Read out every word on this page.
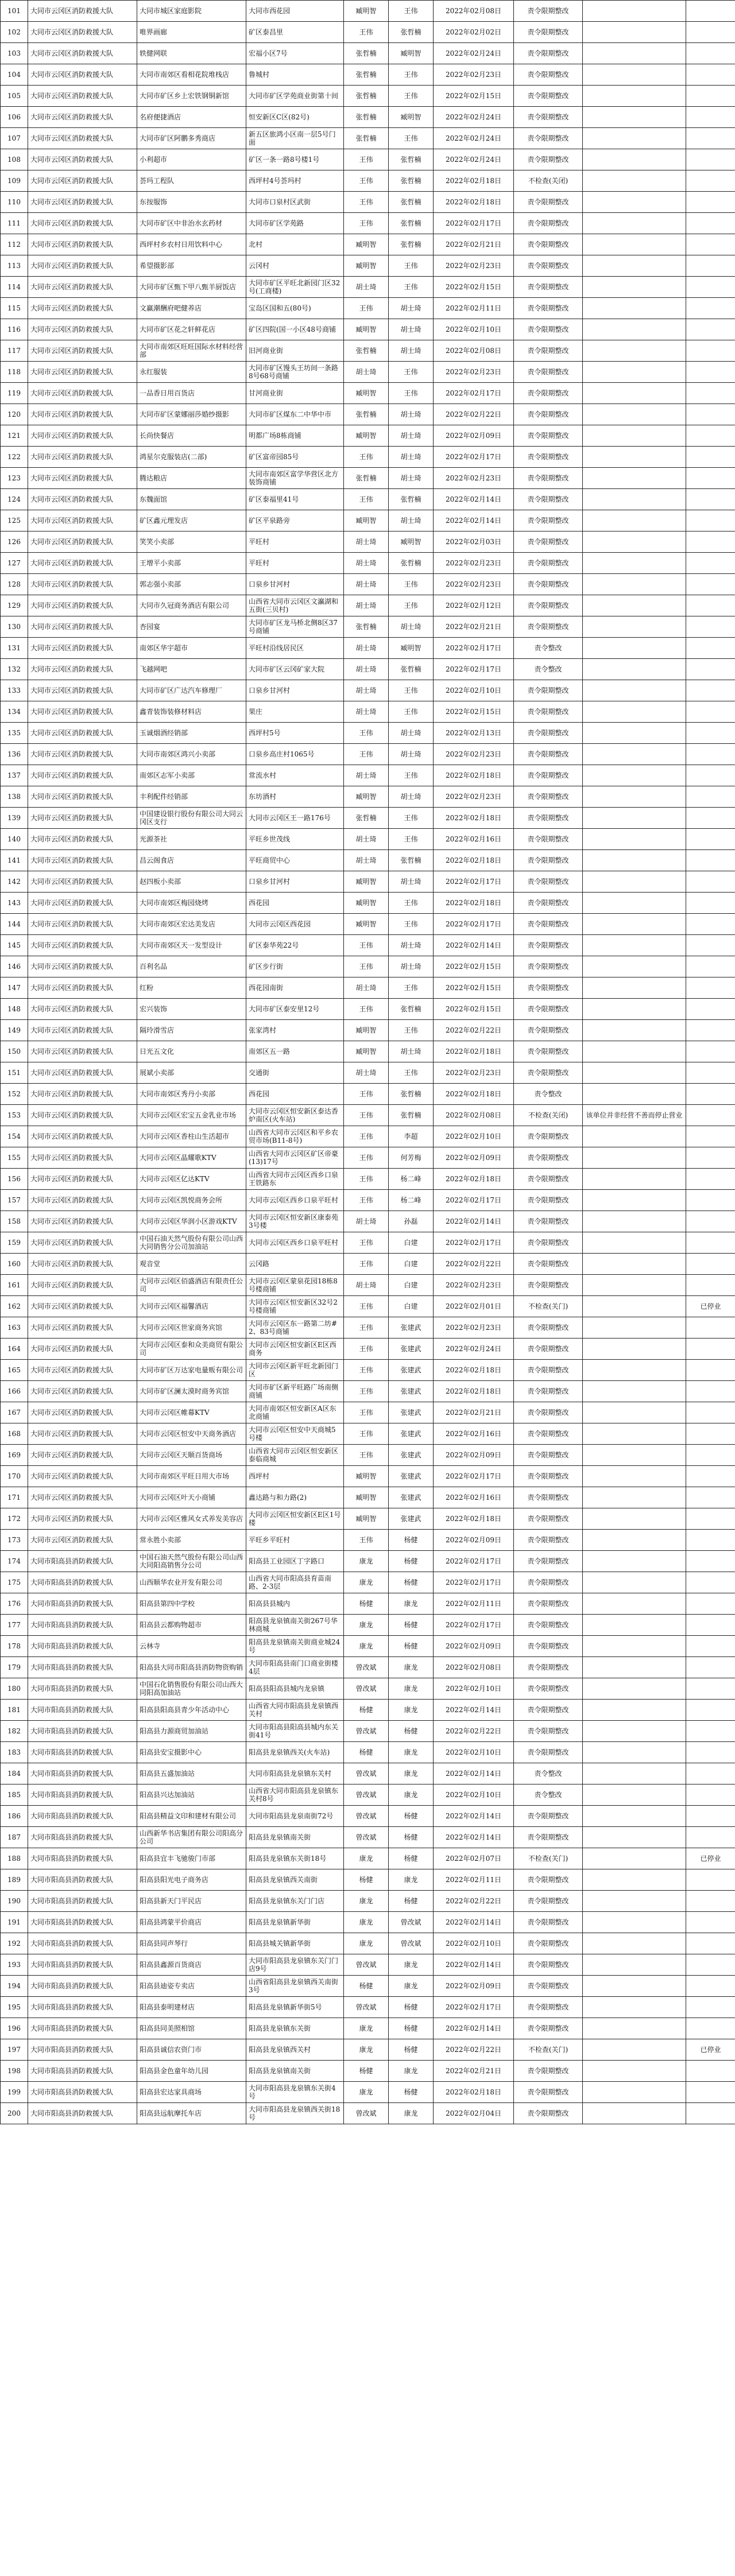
101	大同市云冈区消防救援大队	大同市城区家庭影院	大同市西花园	臧明智	王伟	2022年02月08日	责令限期整改		
102	大同市云冈区消防救援大队	唯界画廊	矿区泰昌里	王伟	张哲楠	2022年02月02日	责令限期整改		
103	大同市云冈区消防救援大队	轶健网联	宏福小区7号	张哲楠	臧明智	2022年02月24日	责令限期整改		
104	大同市云冈区消防救援大队	大同市南郊区看相花院堆栈店	鲁城村	张哲楠	王伟	2022年02月23日	责令限期整改		
105	大同市云冈区消防救援大队	大同市矿区乡上宏铁钢铜新馆	大同市矿区学苑商业街第十间	张哲楠	王伟	2022年02月15日	责令限期整改		
106	大同市云冈区消防救援大队	名府便捷酒店	恒安新区C区(82号)	张哲楠	臧明智	2022年02月24日	责令限期整改		
107	大同市云冈区消防救援大队	大同市矿区阿鹏多秀商店	新五区旅鸿小区南一层5号门面	张哲楠	王伟	2022年02月24日	责令限期整改		
108	大同市云冈区消防救援大队	小利超市	矿区一条一路8号楼1号	王伟	张哲楠	2022年02月24日	责令限期整改		
109	大同市云冈区消防救援大队	荟玛工程队	西坪村4号荟玛村	王伟	张哲楠	2022年02月18日	不检查(关闭)		
110	大同市云冈区消防救援大队	东按服饰	大同市口泉村区武街	王伟	张哲楠	2022年02月18日	责令限期整改		
111	大同市云冈区消防救援大队	大同市矿区中非治水玄药材	大同市矿区学苑路	王伟	张哲楠	2022年02月17日	责令限期整改		
112	大同市云冈区消防救援大队	西坪村乡农村日用饮料中心	北村	臧明智	张哲楠	2022年02月21日	责令限期整改		
113	大同市云冈区消防救援大队	希望摄影部	云冈村	臧明智	王伟	2022年02月23日	责令限期整改		
114	大同市云冈区消防救援大队	大同市矿区甄下甲八甄羊厨饭店	大同市矿区平旺北新园门区32号(工商楼)	胡士琦	王伟	2022年02月15日	责令限期整改		
115	大同市云冈区消防救援大队	文赢潮酬府吧健养店	宝岛区国和五(80号)	王伟	胡士琦	2022年02月11日	责令限期整改		
116	大同市云冈区消防救援大队	大同市矿区花之轩鲜花店	矿区四院(国一小区48号商铺	臧明智	胡士琦	2022年02月10日	责令限期整改		
117	大同市云冈区消防救援大队	大同市南郊区旺旺国际水材料经营部	旧河商业街	张哲楠	胡士琦	2022年02月08日	责令限期整改		
118	大同市云冈区消防救援大队	永红服装	大同市矿区馒头王坊间一条路8号68号商铺	胡士琦	王伟	2022年02月23日	责令限期整改		
119	大同市云冈区消防救援大队	一品香日用百货店	甘河商业街	臧明智	王伟	2022年02月17日	责令限期整改		
120	大同市云冈区消防救援大队	大同市矿区蒙娜丽莎婚纱摄影	大同市矿区煤东二中华中市	张哲楠	胡士琦	2022年02月22日	责令限期整改		
121	大同市云冈区消防救援大队	长尚快餐店	明都广场8栋商铺	臧明智	胡士琦	2022年02月09日	责令限期整改		
122	大同市云冈区消防救援大队	鸿星尔克服装店(二部)	矿区富帝园85号	王伟	胡士琦	2022年02月17日	责令限期整改		
123	大同市云冈区消防救援大队	腾达粮店	大同市南郊区富学华营区北方装饰商铺	张哲楠	胡士琦	2022年02月23日	责令限期整改		
124	大同市云冈区消防救援大队	东魏面馆	矿区泰福里41号	王伟	张哲楠	2022年02月14日	责令限期整改		
125	大同市云冈区消防救援大队	矿区鑫元理发店	矿区平泉路旁	臧明智	胡士琦	2022年02月14日	责令限期整改		
126	大同市云冈区消防救援大队	笑笑小卖部	平旺村	胡士琦	臧明智	2022年02月03日	责令限期整改		
127	大同市云冈区消防救援大队	王增平小卖部	平旺村	胡士琦	张哲楠	2022年02月23日	责令限期整改		
128	大同市云冈区消防救援大队	郭志强小卖部	口泉乡甘河村	胡士琦	王伟	2022年02月23日	责令限期整改		
129	大同市云冈区消防救援大队	大同市久冠商务酒店有限公司	山西省大同市云冈区文瀛湖和五街(三贝村)	胡士琦	王伟	2022年02月12日	责令限期整改		
130	大同市云冈区消防救援大队	杏园宴	大同市矿区龙马桥北侧8区37号商铺	张哲楠	胡士琦	2022年02月21日	责令限期整改		
131	大同市云冈区消防救援大队	南郊区华宇超市	平旺村沿线居民区	胡士琦	臧明智	2022年02月17日	责令整改		
132	大同市云冈区消防救援大队	飞越网吧	大同市矿区云冈矿家大院	胡士琦	张哲楠	2022年02月17日	责令整改		
133	大同市云冈区消防救援大队	大同市矿区广达汽车修理厂	口泉乡甘河村	胡士琦	王伟	2022年02月10日	责令限期整改		
134	大同市云冈区消防救援大队	鑫青装饰装修材料店	果庄	胡士琦	王伟	2022年02月15日	责令限期整改		
135	大同市云冈区消防救援大队	玉诚烟酒经销部	西坪村5号	王伟	胡士琦	2022年02月13日	责令限期整改		
136	大同市云冈区消防救援大队	大同市南郊区鸿兴小卖部	口泉乡高庄村1065号	王伟	胡士琦	2022年02月23日	责令限期整改		
137	大同市云冈区消防救援大队	南郊区志军小卖部	常流水村	胡士琦	王伟	2022年02月18日	责令限期整改		
138	大同市云冈区消防救援大队	丰利配件经销部	东坊酒村	臧明智	胡士琦	2022年02月23日	责令限期整改		
139	大同市云冈区消防救援大队	中国建设银行股份有限公司大同云冈区支行	大同市云冈区王一路176号	张哲楠	王伟	2022年02月18日	责令限期整改		
140	大同市云冈区消防救援大队	光源茶社	平旺乡世茂线	胡士琦	王伟	2022年02月16日	责令限期整改		
141	大同市云冈区消防救援大队	昌云阁食店	平旺商贸中心	胡士琦	张哲楠	2022年02月18日	责令限期整改		
142	大同市云冈区消防救援大队	赵四板小卖部	口泉乡甘河村	臧明智	胡士琦	2022年02月17日	责令限期整改		
143	大同市云冈区消防救援大队	大同市南郊区梅园烧烤	西花园	臧明智	王伟	2022年02月18日	责令限期整改		
144	大同市云冈区消防救援大队	大同市南郊区宏达美发店	大同市云冈区西花园	臧明智	王伟	2022年02月17日	责令限期整改		
145	大同市云冈区消防救援大队	大同市南郊区天一发型设计	矿区泰华苑22号	王伟	胡士琦	2022年02月14日	责令限期整改		
146	大同市云冈区消防救援大队	百利名品	矿区步行街	王伟	胡士琦	2022年02月15日	责令限期整改		
147	大同市云冈区消防救援大队	红粉	西花园南街	胡士琦	王伟	2022年02月15日	责令限期整改		
148	大同市云冈区消防救援大队	宏兴装饰	大同市矿区泰安里12号	王伟	张哲楠	2022年02月15日	责令限期整改		
149	大同市云冈区消防救援大队	隔玲滑雪店	张家湾村	臧明智	王伟	2022年02月22日	责令限期整改		
150	大同市云冈区消防救援大队	日光五文化	南郊区五一路	臧明智	胡士琦	2022年02月18日	责令限期整改		
151	大同市云冈区消防救援大队	展斌小卖部	交通街	胡士琦	王伟	2022年02月23日	责令限期整改		
152	大同市云冈区消防救援大队	大同市南郊区秀丹小卖部	西花园	王伟	张哲楠	2022年02月18日	责令整改		
153	大同市云冈区消防救援大队	大同市云冈区宏宝五金乳业市场	大同市云冈区恒安新区泰达香炉南区(火车站)	王伟	张哲楠	2022年02月08日	不检查(关闭)	该单位并非经营不善而停止营业	
154	大同市云冈区消防救援大队	大同市云冈区香柱山生活超市	山西省大同市云冈区和平乡农贸市场(B11-8号)	王伟	李超	2022年02月10日	责令限期整改		
155	大同市云冈区消防救援大队	大同市云冈区晶耀歌KTV	山西省大同市云冈区矿区帝豪(13)17号	王伟	何芳梅	2022年02月09日	责令限期整改		
156	大同市云冈区消防救援大队	大同市云冈区亿达KTV	山西省大同市云冈区西乡口泉王铁路东	王伟	杨二峰	2022年02月18日	责令限期整改		
157	大同市云冈区消防救援大队	大同市云冈区凯悦商务会所	大同市云冈区西乡口泉平旺村	王伟	杨二峰	2022年02月17日	责令限期整改		
158	大同市云冈区消防救援大队	大同市云冈区华润小区游戏KTV	大同市云冈区恒安新区康泰苑3号楼	胡士琦	孙磊	2022年02月14日	责令限期整改		
159	大同市云冈区消防救援大队	中国石油天然气股份有限公司山西大同销售分公司加油站	大同市云冈区西乡口泉平旺村	王伟	白建	2022年02月17日	责令限期整改		
160	大同市云冈区消防救援大队	观音堂	云冈路	王伟	白建	2022年02月22日	责令限期整改		
161	大同市云冈区消防救援大队	大同市云冈区佰盛酒店有限责任公司	大同市云冈区蒙泉花园18栋8号楼商铺	胡士琦	白建	2022年02月23日	责令限期整改		
162	大同市云冈区消防救援大队	大同市云冈区福馨酒店	大同市云冈区恒安新区32号2号楼商铺	王伟	白建	2022年02月01日	不检查(关门)		已停业
163	大同市云冈区消防救援大队	大同市云冈区世家商务宾馆	大同市云冈区东一路第二坊#2、83号商铺	王伟	张建武	2022年02月23日	责令限期整改		
164	大同市云冈区消防救援大队	大同市云冈区泰和众美商贸有限公司	大同市云冈区恒安新区E区西商务	王伟	张建武	2022年02月24日	责令限期整改		
165	大同市云冈区消防救援大队	大同市矿区万达家电量贩有限公司	大同市云冈区新平旺北新园门区	王伟	张建武	2022年02月18日	责令限期整改		
166	大同市云冈区消防救援大队	大同市矿区澜太漠时商务宾馆	大同市矿区新平旺路广场南侧商铺	王伟	张建武	2022年02月18日	责令限期整改		
167	大同市云冈区消防救援大队	大同市云冈区帷幕KTV	大同市南郊区恒安新区A区东北商铺	王伟	张建武	2022年02月21日	责令限期整改		
168	大同市云冈区消防救援大队	大同市云冈区恒安中天商务酒店	大同市云冈区恒安中天商城5号楼	王伟	张建武	2022年02月16日	责令限期整改		
169	大同市云冈区消防救援大队	大同市云冈区天顺百货商场	山西省大同市云冈区恒安新区泰临商城	王伟	张建武	2022年02月09日	责令限期整改		
170	大同市云冈区消防救援大队	大同市南郊区平旺日用大市场	西坪村	臧明智	张建武	2022年02月17日	责令限期整改		
171	大同市云冈区消防救援大队	大同市云冈区叶天小商铺	鑫达路与和力路(2)	臧明智	张建武	2022年02月16日	责令限期整改		
172	大同市云冈区消防救援大队	大同市云冈区雅风女式养发美容店	大同市云冈区恒安新区E区1号楼	臧明智	张建武	2022年02月18日	责令限期整改		
173	大同市云冈区消防救援大队	常永胜小卖部	平旺乡平旺村	王伟	杨健	2022年02月09日	责令限期整改		
174	大同市阳高县消防救援大队	中国石油天然气股份有限公司山西大同阳高销售分公司	阳高县工业园区丁字路口	康龙	杨健	2022年02月17日	责令限期整改		
175	大同市阳高县消防救援大队	山西顺华农业开发有限公司	山西省大同市阳高县育苗南路、2-3层	康龙	杨健	2022年02月17日	责令限期整改		
176	大同市阳高县消防救援大队	阳高县第四中学校	阳高县县城内	杨健	康龙	2022年02月11日	责令限期整改		
177	大同市阳高县消防救援大队	阳高县云都购物超市	阳高县龙泉镇南关街267号华林商城	康龙	杨健	2022年02月17日	责令限期整改		
178	大同市阳高县消防救援大队	云林寺	阳高县龙泉镇南关街商业城24号	康龙	杨健	2022年02月09日	责令限期整改		
179	大同市阳高县消防救援大队	阳高县大同市阳高县消防物资购销	大同市阳高县南门口商业街楼4层	曾改斌	康龙	2022年02月08日	责令限期整改		
180	大同市阳高县消防救援大队	中国石化销售股份有限公司山西大同阳高加油站	阳高县阳高县城内龙泉镇	曾改斌	康龙	2022年02月10日	责令限期整改		
181	大同市阳高县消防救援大队	阳高县阳高县青少年活动中心	山西省大同市阳高县龙泉镇西关村	杨健	康龙	2022年02月14日	责令限期整改		
182	大同市阳高县消防救援大队	阳高县力源商贸加油站	大同市阳高县阳高县城内东关街41号	曾改斌	杨健	2022年02月22日	责令限期整改		
183	大同市阳高县消防救援大队	阳高县安宝摄影中心	阳高县龙泉镇西关(火车站)	杨健	康龙	2022年02月10日	责令限期整改		
184	大同市阳高县消防救援大队	阳高县五盛加油站	大同市阳高县龙泉镇东关村	曾改斌	康龙	2022年02月14日	责令整改		
185	大同市阳高县消防救援大队	阳高县兴达加油站	山西省大同市阳高县龙泉镇东关村8号	曾改斌	康龙	2022年02月10日	责令整改		
186	大同市阳高县消防救援大队	阳高县精益文印和建材有限公司	大同市阳高县龙泉南街72号	曾改斌	杨健	2022年02月14日	责令限期整改		
187	大同市阳高县消防救援大队	山西新华书店集团有限公司阳高分公司	阳高县龙泉镇南关街	曾改斌	杨健	2022年02月14日	责令限期整改		
188	大同市阳高县消防救援大队	阳高县宜丰飞驰骏门市部	阳高县龙泉镇东关街18号	康龙	杨健	2022年02月07日	不检查(关门)		已停业
189	大同市阳高县消防救援大队	阳高县阳光电子商务店	阳高县龙泉镇西关南街	杨健	康龙	2022年02月11日	责令限期整改		
190	大同市阳高县消防救援大队	阳高县新天门平民店	阳高县龙泉镇东关门门店	康龙	杨健	2022年02月22日	责令限期整改		
191	大同市阳高县消防救援大队	阳高县鸿蒙平价商店	阳高县龙泉镇新华街	康龙	曾改斌	2022年02月14日	责令限期整改		
192	大同市阳高县消防救援大队	阳高县同声琴行	阳高县城关镇新华街	康龙	曾改斌	2022年02月10日	责令限期整改		
193	大同市阳高县消防救援大队	阳高县鑫源百货商店	大同市阳高县龙泉镇东关门门店9号	曾改斌	康龙	2022年02月14日	责令限期整改		
194	大同市阳高县消防救援大队	阳高县迪姿专卖店	山西省阳高县龙泉镇西关南街3号	杨健	康龙	2022年02月09日	责令限期整改		
195	大同市阳高县消防救援大队	阳高县泰明建材店	阳高县龙泉镇新华街5号	曾改斌	杨健	2022年02月17日	责令限期整改		
196	大同市阳高县消防救援大队	阳高县同美照相馆	阳高县龙泉镇东关街	康龙	杨健	2022年02月14日	责令限期整改		
197	大同市阳高县消防救援大队	阳高县诚信农资门市	阳高县龙泉镇西关村	康龙	杨健	2022年02月22日	不检查(关门)		已停业
198	大同市阳高县消防救援大队	阳高县金色童年幼儿园	阳高县龙泉镇南关街	杨健	康龙	2022年02月21日	责令限期整改		
199	大同市阳高县消防救援大队	阳高县宏达家具商场	大同市阳高县龙泉镇东关街4号	康龙	杨健	2022年02月18日	责令限期整改		
200	大同市阳高县消防救援大队	阳高县远航摩托车店	大同市阳高县龙泉镇西关街18号	曾改斌	康龙	2022年02月04日	责令限期整改		
